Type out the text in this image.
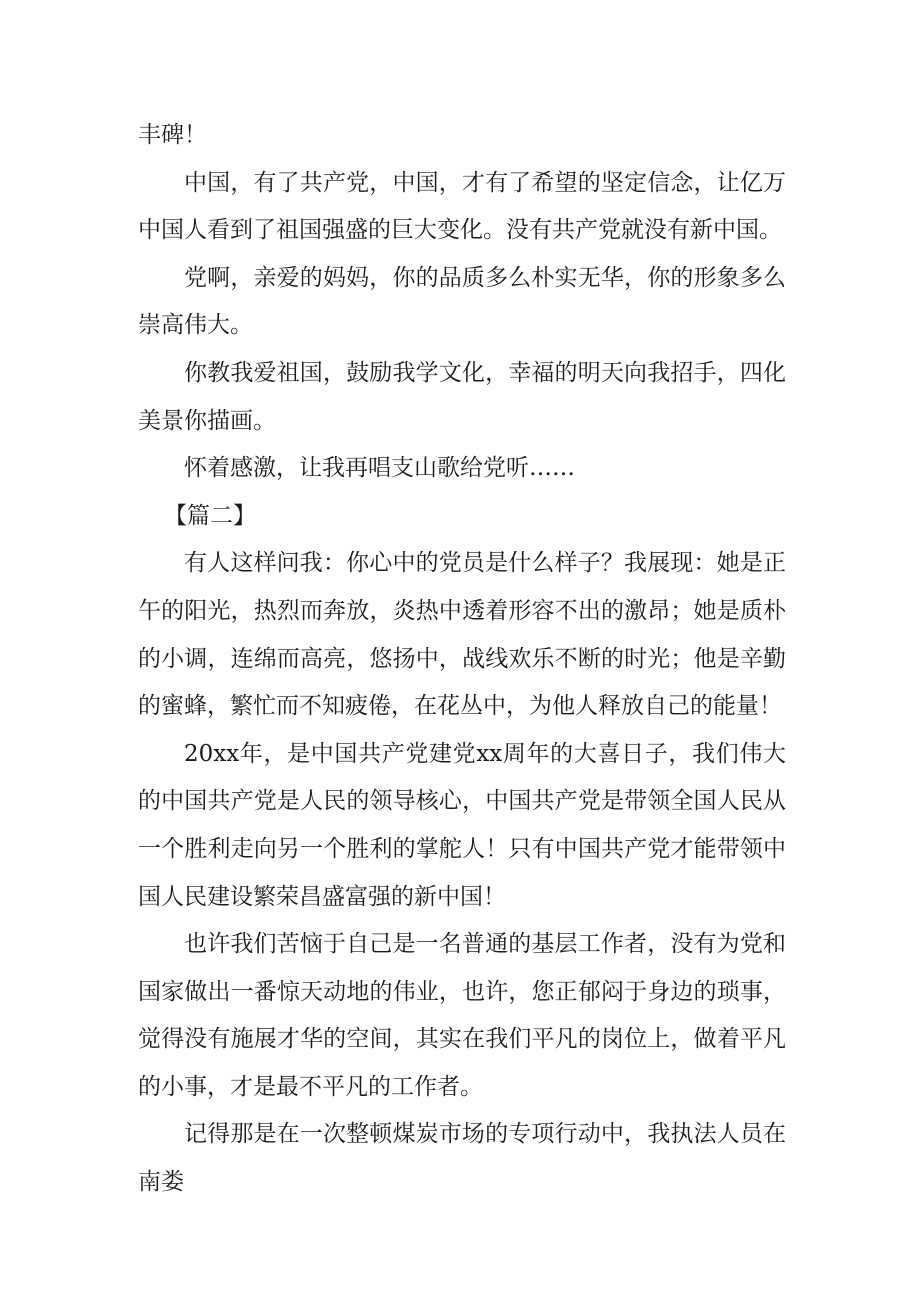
丰碑！

中国，有了共产党，中国，才有了希望的坚定信念，让亿万中国人看到了祖国强盛的巨大变化。没有共产党就没有新中国。

党啊，亲爱的妈妈，你的品质多么朴实无华，你的形象多么崇高伟大。

你教我爱祖国，鼓励我学文化，幸福的明天向我招手，四化美景你描画。

怀着感激，让我再唱支山歌给党听……

【篇二】

有人这样问我：你心中的党员是什么样子？我展现：她是正午的阳光，热烈而奔放，炎热中透着形容不出的激昂；她是质朴的小调，连绵而高亮，悠扬中，战线欢乐不断的时光；他是辛勤的蜜蜂，繁忙而不知疲倦，在花丛中，为他人释放自己的能量！

20xx年，是中国共产党建党xx周年的大喜日子，我们伟大的中国共产党是人民的领导核心，中国共产党是带领全国人民从一个胜利走向另一个胜利的掌舵人！只有中国共产党才能带领中国人民建设繁荣昌盛富强的新中国！

也许我们苦恼于自己是一名普通的基层工作者，没有为党和国家做出一番惊天动地的伟业，也许，您正郁闷于身边的琐事，觉得没有施展才华的空间，其实在我们平凡的岗位上，做着平凡的小事，才是最不平凡的工作者。

记得那是在一次整顿煤炭市场的专项行动中，我执法人员在南娄
